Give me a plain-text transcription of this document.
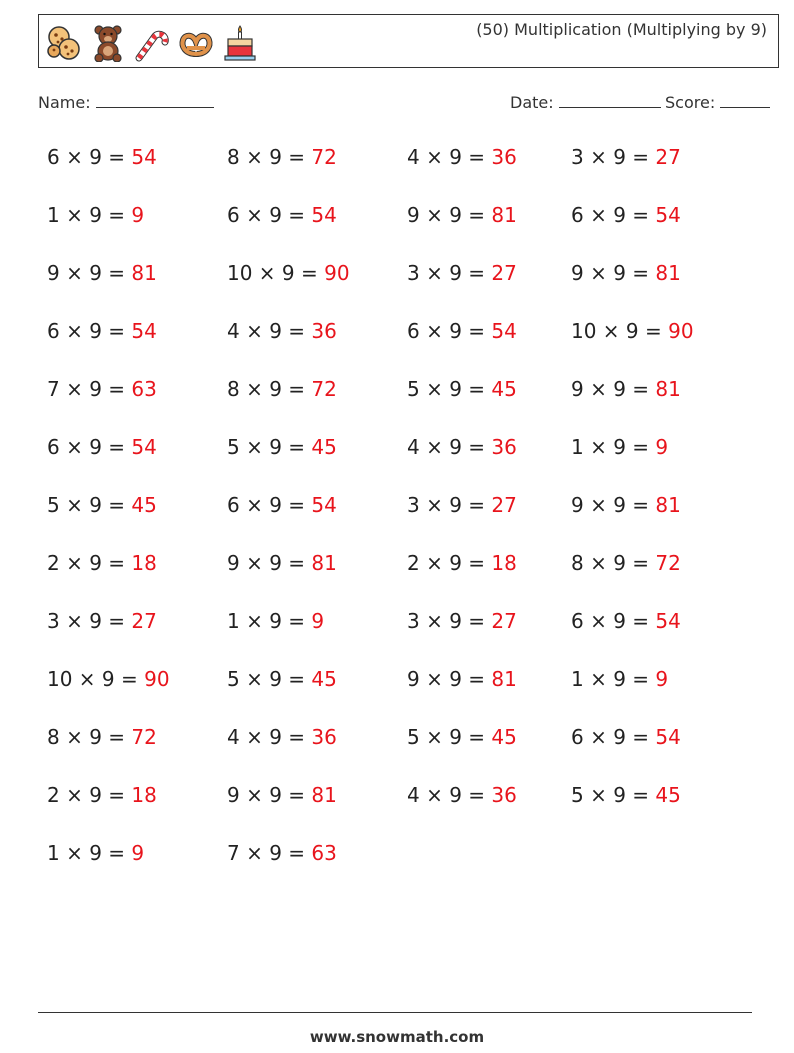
(50) Multiplication (Multiplying by 9)
Name:	Date:	Score:
6 × 9 = 54
1 × 9 = 9
9 × 9 = 81
6 × 9 = 54
7 × 9 = 63
6 × 9 = 54
5 × 9 = 45
2 × 9 = 18
3 × 9 = 27
10 × 9 = 90
8 × 9 = 72
2 × 9 = 18
1 × 9 = 9
8 × 9 = 72
6 × 9 = 54
10 × 9 = 90
4 × 9 = 36
8 × 9 = 72
5 × 9 = 45
6 × 9 = 54
9 × 9 = 81
1 × 9 = 9
5 × 9 = 45
4 × 9 = 36
9 × 9 = 81
7 × 9 = 63
4 × 9 = 36
9 × 9 = 81
3 × 9 = 27
6 × 9 = 54
5 × 9 = 45
4 × 9 = 36
3 × 9 = 27
2 × 9 = 18
3 × 9 = 27
9 × 9 = 81
5 × 9 = 45
4 × 9 = 36
3 × 9 = 27
6 × 9 = 54
9 × 9 = 81
10 × 9 = 90
9 × 9 = 81
1 × 9 = 9
9 × 9 = 81
8 × 9 = 72
6 × 9 = 54
1 × 9 = 9
6 × 9 = 54
5 × 9 = 45
www.snowmath.com
